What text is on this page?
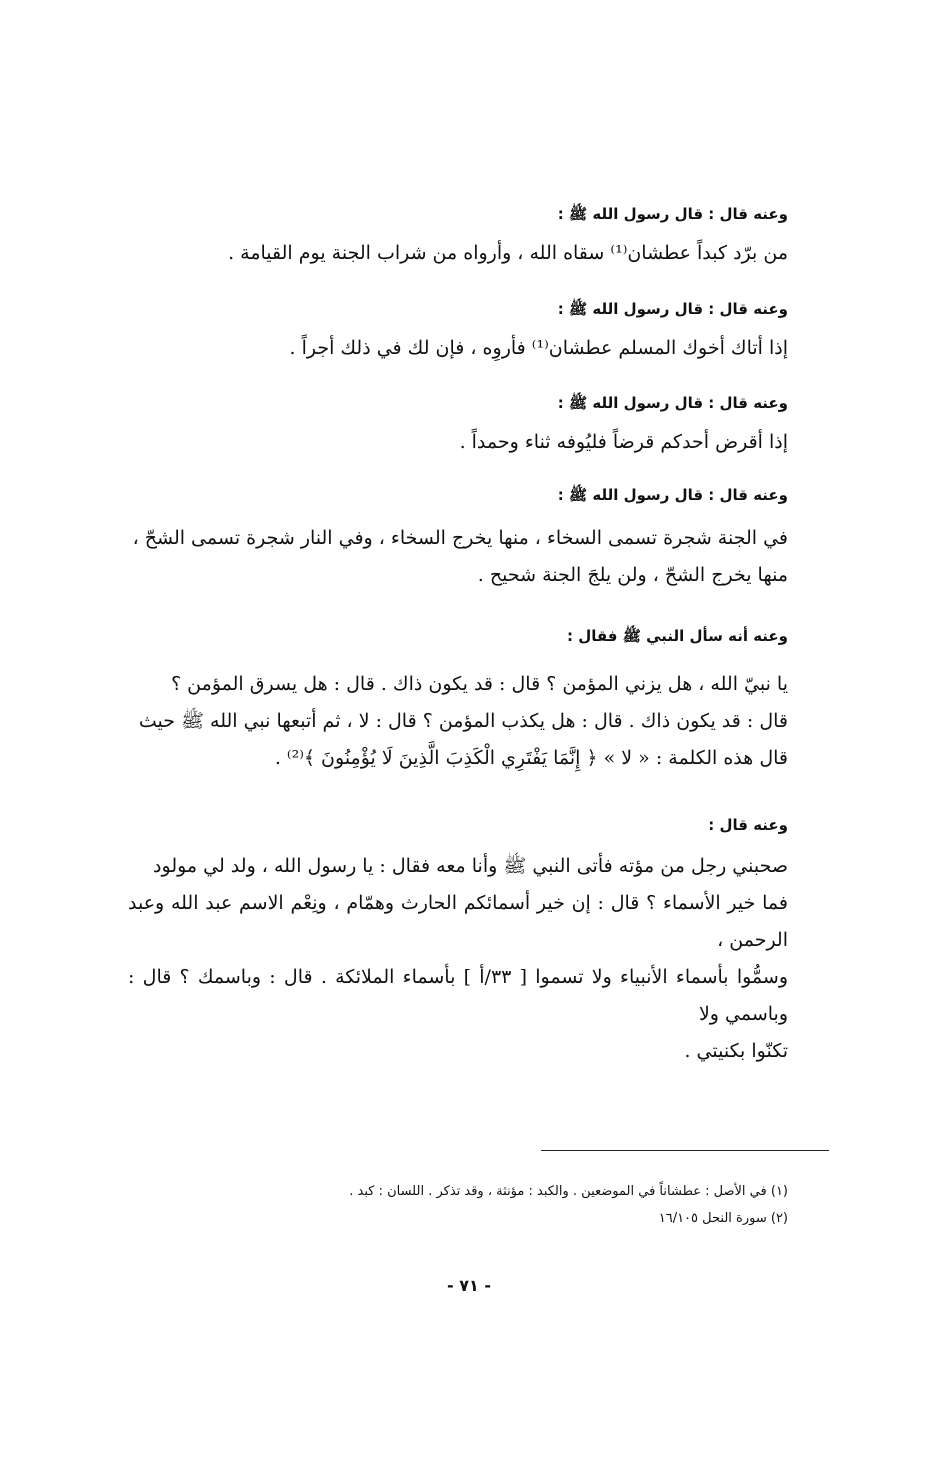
وعنه قال : قال رسول الله ﷺ :
من برّد كبداً عطشان⁽¹⁾ سقاه الله ، وأرواه من شراب الجنة يوم القيامة .
وعنه قال : قال رسول الله ﷺ :
إذا أتاك أخوك المسلم عطشان⁽¹⁾ فأروِه ، فإن لك في ذلك أجراً .
وعنه قال : قال رسول الله ﷺ :
إذا أقرض أحدكم قرضاً فليُوفه ثناء وحمداً .
وعنه قال : قال رسول الله ﷺ :
في الجنة شجرة تسمى السخاء ، منها يخرج السخاء ، وفي النار شجرة تسمى الشحّ ،
منها يخرج الشحّ ، ولن يلجَ الجنة شحيح .
وعنه أنه سأل النبي ﷺ فقال :
يا نبيّ الله ، هل يزني المؤمن ؟ قال : قد يكون ذاك . قال : هل يسرق المؤمن ؟
قال : قد يكون ذاك . قال : هل يكذب المؤمن ؟ قال : لا ، ثم أتبعها نبي الله ﷺ حيث
قال هذه الكلمة : « لا » ﴿ إِنَّمَا يَفْتَرِي الْكَذِبَ الَّذِينَ لَا يُؤْمِنُونَ ﴾⁽²⁾ .
وعنه قال :
صحبني رجل من مؤته فأتى النبي ﷺ وأنا معه فقال : يا رسول الله ، ولد لي مولود
فما خير الأسماء ؟ قال : إن خير أسمائكم الحارث وهمّام ، ونِعْم الاسم عبد الله وعبد الرحمن ،
وسمُّوا بأسماء الأنبياء ولا تسموا [ ٣٣/أ ] بأسماء الملائكة . قال : وباسمك ؟ قال : وباسمي ولا
تكنّوا بكنيتي .
(١) في الأصل : عطشاناً في الموضعين . والكبد : مؤنثة ، وقد تذكر . اللسان : كبد .
(٢) سورة النحل ١٦/١٠٥
- ٧١ -
